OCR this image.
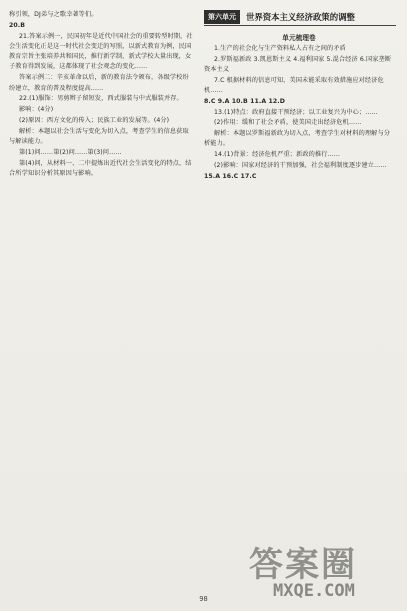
第六单元	世界资本主义经济政策的调整

称引领，DJ弟与之歌幸著等们。

20.B

21.答案示例一，民国初年是近代中国社会的重要转型时期，社会生活变化正是这一时代社会变迁的写照，以新式教育为例，民国教育宗旨主张培养共和国民，推行新学制，新式学校大量出现，女子教育得到发展，这都体现了社会观念的变化……

答案示例二：辛亥革命以后，新的教育法令颁布，各级学校纷纷建立，教育的普及程度提高……

22.(1)服饰：男剪辫子留短发，西式服装与中式服装并存。

影响：(4分)

(2)原因：西方文化的传入；民族工业的发展等。(4分)

解析：本题以社会生活与变化为切入点，考查学生的信息获取与解读能力。

第(1)问……第(2)问……第(3)问……

第(4)问，从材料一、二中提炼出近代社会生活变化的特点，结合所学知识分析其原因与影响。

单元梳理卷

1.生产的社会化与生产资料私人占有之间的矛盾

2.罗斯福新政 3.凯恩斯主义 4.福利国家 5.混合经济 6.国家垄断资本主义

7.C 根据材料的信息可知，美国未能采取有效措施应对经济危机……

8.C 9.A 10.B 11.A 12.D

13.(1)特点：政府直接干预经济；以工业复兴为中心；……

(2)作用：缓和了社会矛盾，使美国走出经济危机……

解析：本题以罗斯福新政为切入点，考查学生对材料的理解与分析能力。

14.(1)背景：经济危机严重；新政的推行……

(2)影响：国家对经济的干预加强，社会福利制度逐步建立……

15.A 16.C 17.C

答案圈
MXQE.COM
98
